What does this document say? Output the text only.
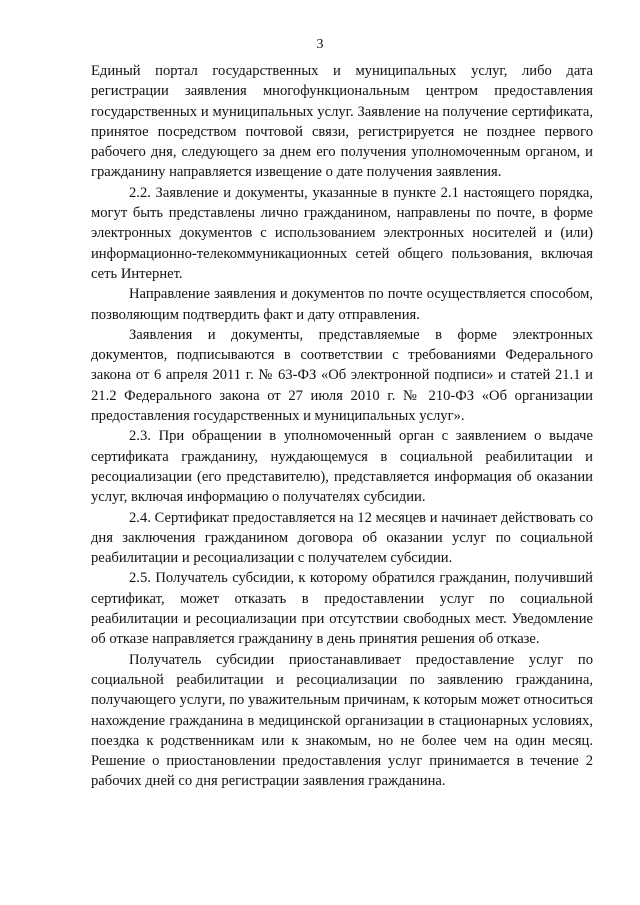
3

Единый портал государственных и муниципальных услуг, либо дата регистрации заявления многофункциональным центром предоставления государственных и муниципальных услуг. Заявление на получение сертификата, принятое посредством почтовой связи, регистрируется не позднее первого рабочего дня, следующего за днем его получения уполномоченным органом, и гражданину направляется извещение о дате получения заявления.

2.2. Заявление и документы, указанные в пункте 2.1 настоящего порядка, могут быть представлены лично гражданином, направлены по почте, в форме электронных документов с использованием электронных носителей и (или) информационно-телекоммуникационных сетей общего пользования, включая сеть Интернет.

Направление заявления и документов по почте осуществляется способом, позволяющим подтвердить факт и дату отправления.

Заявления и документы, представляемые в форме электронных документов, подписываются в соответствии с требованиями Федерального закона от 6 апреля 2011 г. № 63-ФЗ «Об электронной подписи» и статей 21.1 и 21.2 Федерального закона от 27 июля 2010 г. № 210-ФЗ «Об организации предоставления государственных и муниципальных услуг».

2.3. При обращении в уполномоченный орган с заявлением о выдаче сертификата гражданину, нуждающемуся в социальной реабилитации и ресоциализации (его представителю), представляется информация об оказании услуг, включая информацию о получателях субсидии.

2.4. Сертификат предоставляется на 12 месяцев и начинает действовать со дня заключения гражданином договора об оказании услуг по социальной реабилитации и ресоциализации с получателем субсидии.

2.5. Получатель субсидии, к которому обратился гражданин, получивший сертификат, может отказать в предоставлении услуг по социальной реабилитации и ресоциализации при отсутствии свободных мест. Уведомление об отказе направляется гражданину в день принятия решения об отказе.

Получатель субсидии приостанавливает предоставление услуг по социальной реабилитации и ресоциализации по заявлению гражданина, получающего услуги, по уважительным причинам, к которым может относиться нахождение гражданина в медицинской организации в стационарных условиях, поездка к родственникам или к знакомым, но не более чем на один месяц. Решение о приостановлении предоставления услуг принимается в течение 2 рабочих дней со дня регистрации заявления гражданина.
